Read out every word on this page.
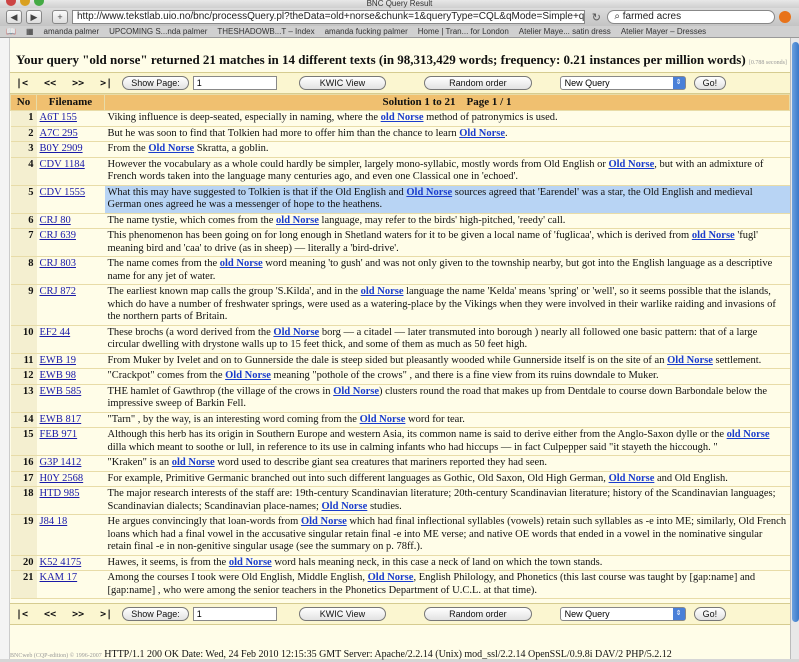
BNC Query Result
◀	▶	+	http://www.tekstlab.uio.no/bnc/processQuery.pl?theData=old+norse&chunk=1&queryType=CQL&qMode=Simple+q ↻	⌕ farmed acres
📖 ▦ amanda palmer UPCOMING S...nda palmer THESHADOWB...T – Index amanda fucking palmer Home | Tran... for London Atelier Maye... satin dress Atelier Mayer – Dresses
Your query "old norse" returned 21 matches in 14 different texts (in 98,313,429 words; frequency: 0.21 instances per million words) [0.788 seconds]
|< << >> >|	Show Page:	1	KWIC View	Random order	New Query	⇕	Go!
No	Filename	Solution 1 to 21    Page 1 / 1
1	A6T 155	Viking influence is deep-seated, especially in naming, where the old Norse method of patronymics is used.
2	A7C 295	But he was soon to find that Tolkien had more to offer him than the chance to learn Old Norse.
3	B0Y 2909	From the Old Norse Skratta, a goblin.
4	CDV 1184	However the vocabulary as a whole could hardly be simpler, largely mono-syllabic, mostly words from Old English or Old Norse, but with an admixture of French words taken into the language many centuries ago, and even one Classical one in 'echoed'.
5	CDV 1555	What this may have suggested to Tolkien is that if the Old English and Old Norse sources agreed that 'Earendel' was a star, the Old English and medieval German ones agreed he was a messenger of hope to the heathens.
6	CRJ 80	The name tystie, which comes from the old Norse language, may refer to the birds' high-pitched, 'reedy' call.
7	CRJ 639	This phenomenon has been going on for long enough in Shetland waters for it to be given a local name of 'fuglicaa', which is derived from old Norse 'fugl' meaning bird and 'caa' to drive (as in sheep) — literally a 'bird-drive'.
8	CRJ 803	The name comes from the old Norse word meaning 'to gush' and was not only given to the township nearby, but got into the English language as a descriptive name for any jet of water.
9	CRJ 872	The earliest known map calls the group 'S.Kilda', and in the old Norse language the name 'Kelda' means 'spring' or 'well', so it seems possible that the islands, which do have a number of freshwater springs, were used as a watering-place by the Vikings when they were involved in their warlike raiding and invasions of the northern parts of Britain.
10	EF2 44	These brochs (a word derived from the Old Norse borg — a citadel — later transmuted into borough ) nearly all followed one basic pattern: that of a large circular dwelling with drystone walls up to 15 feet thick, and some of them as much as 50 feet high.
11	EWB 19	From Muker by Ivelet and on to Gunnerside the dale is steep sided but pleasantly wooded while Gunnerside itself is on the site of an Old Norse settlement.
12	EWB 98	"Crackpot" comes from the Old Norse meaning "pothole of the crows" , and there is a fine view from its ruins downdale to Muker.
13	EWB 585	THE hamlet of Gawthrop (the village of the crows in Old Norse) clusters round the road that makes up from Dentdale to course down Barbondale below the impressive sweep of Barkin Fell.
14	EWB 817	"Tarn" , by the way, is an interesting word coming from the Old Norse word for tear.
15	FEB 971	Although this herb has its origin in Southern Europe and western Asia, its common name is said to derive either from the Anglo-Saxon dylle or the old Norse dilla which meant to soothe or lull, in reference to its use in calming infants who had hiccups — in fact Culpepper said "it stayeth the hiccough. "
16	G3P 1412	"Kraken" is an old Norse word used to describe giant sea creatures that mariners reported they had seen.
17	H0Y 2568	For example, Primitive Germanic branched out into such different languages as Gothic, Old Saxon, Old High German, Old Norse and Old English.
18	HTD 985	The major research interests of the staff are: 19th-century Scandinavian literature; 20th-century Scandinavian literature; history of the Scandinavian languages; Scandinavian dialects; Scandinavian place-names; Old Norse studies.
19	J84 18	He argues convincingly that loan-words from Old Norse which had final inflectional syllables (vowels) retain such syllables as -e into ME; similarly, Old French loans which had a final vowel in the accusative singular retain final -e into ME verse; and native OE words that ended in a vowel in the nominative singular retain final -e in non-genitive singular usage (see the summary on p. 78ff.).
20	K52 4175	Hawes, it seems, is from the old Norse word hals meaning neck, in this case a neck of land on which the town stands.
21	KAM 17	Among the courses I took were Old English, Middle English, Old Norse, English Philology, and Phonetics (this last course was taught by [gap:name] and [gap:name] , who were among the senior teachers in the Phonetics Department of U.C.L. at that time).
|< << >> >|	Show Page:	1	KWIC View	Random order	New Query	⇕	Go!
BNCweb (CQP-edition) © 1996-2007 HTTP/1.1 200 OK Date: Wed, 24 Feb 2010 12:15:35 GMT Server: Apache/2.2.14 (Unix) mod_ssl/2.2.14 OpenSSL/0.9.8i DAV/2 PHP/5.2.12
